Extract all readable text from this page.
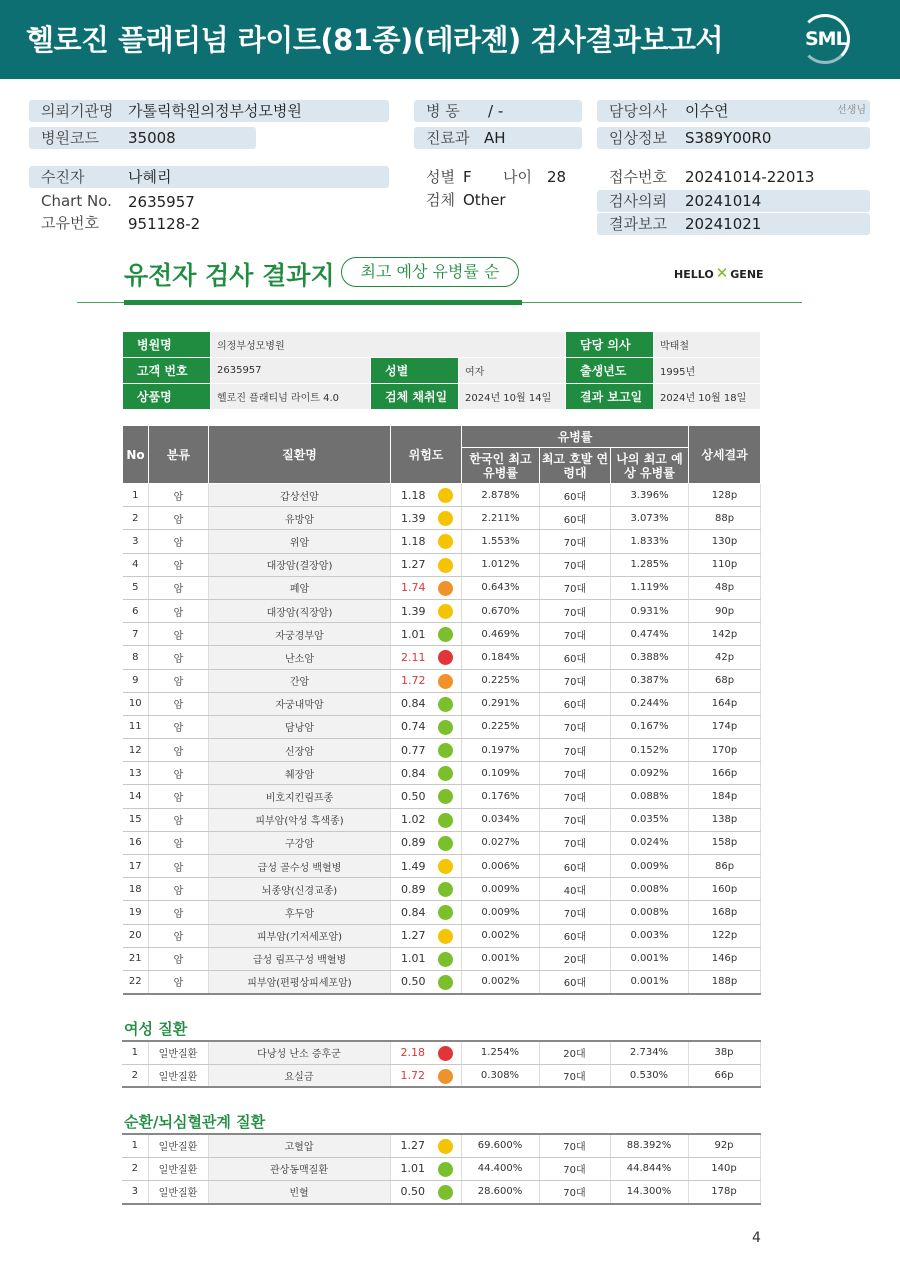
헬로진 플래티넘 라이트(81종)(테라젠) 검사결과보고서	SML
의뢰기관명 가톨릭학원의정부성모병원
병원코드 35008
병 동 / -
진료과 AH
담당의사 이수연	선생님
임상정보 S389Y00R0
수진자	나혜리
Chart No. 2635957
고유번호 951128-2
성별 F 나이 28
검체 Other
접수번호 20241014-22013
검사의뢰 20241014
결과보고 20241021
유전자 검사 결과지	최고 예상 유병률 순	HELLO ✕ GENE
병원명	의정부성모병원			담당 의사	박태철
고객 번호	2635957	성별	여자	출생년도	1995년
상품명	헬로진 플래티넘 라이트 4.0	검체 채취일	2024년 10월 14일	결과 보고일	2024년 10월 18일
No	분류	질환명	위험도	유병률			상세결과
				한국인 최고 유병률	최고 호발 연령대	나의 최고 예상 유병률	
1	암	갑상선암	1.18	2.878%	60대	3.396%	128p
2	암	유방암	1.39	2.211%	60대	3.073%	88p
3	암	위암	1.18	1.553%	70대	1.833%	130p
4	암	대장암(결장암)	1.27	1.012%	70대	1.285%	110p
5	암	폐암	1.74	0.643%	70대	1.119%	48p
6	암	대장암(직장암)	1.39	0.670%	70대	0.931%	90p
7	암	자궁경부암	1.01	0.469%	70대	0.474%	142p
8	암	난소암	2.11	0.184%	60대	0.388%	42p
9	암	간암	1.72	0.225%	70대	0.387%	68p
10	암	자궁내막암	0.84	0.291%	60대	0.244%	164p
11	암	담낭암	0.74	0.225%	70대	0.167%	174p
12	암	신장암	0.77	0.197%	70대	0.152%	170p
13	암	췌장암	0.84	0.109%	70대	0.092%	166p
14	암	비호지킨림프종	0.50	0.176%	70대	0.088%	184p
15	암	피부암(악성 흑색종)	1.02	0.034%	70대	0.035%	138p
16	암	구강암	0.89	0.027%	70대	0.024%	158p
17	암	급성 골수성 백혈병	1.49	0.006%	60대	0.009%	86p
18	암	뇌종양(신경교종)	0.89	0.009%	40대	0.008%	160p
19	암	후두암	0.84	0.009%	70대	0.008%	168p
20	암	피부암(기저세포암)	1.27	0.002%	60대	0.003%	122p
21	암	급성 림프구성 백혈병	1.01	0.001%	20대	0.001%	146p
22	암	피부암(편평상피세포암)	0.50	0.002%	60대	0.001%	188p
여성 질환
1	일반질환	다낭성 난소 증후군	2.18	1.254%	20대	2.734%	38p
2	일반질환	요실금	1.72	0.308%	70대	0.530%	66p
순환/뇌심혈관계 질환
1	일반질환	고혈압	1.27	69.600%	70대	88.392%	92p
2	일반질환	관상동맥질환	1.01	44.400%	70대	44.844%	140p
3	일반질환	빈혈	0.50	28.600%	70대	14.300%	178p
4
